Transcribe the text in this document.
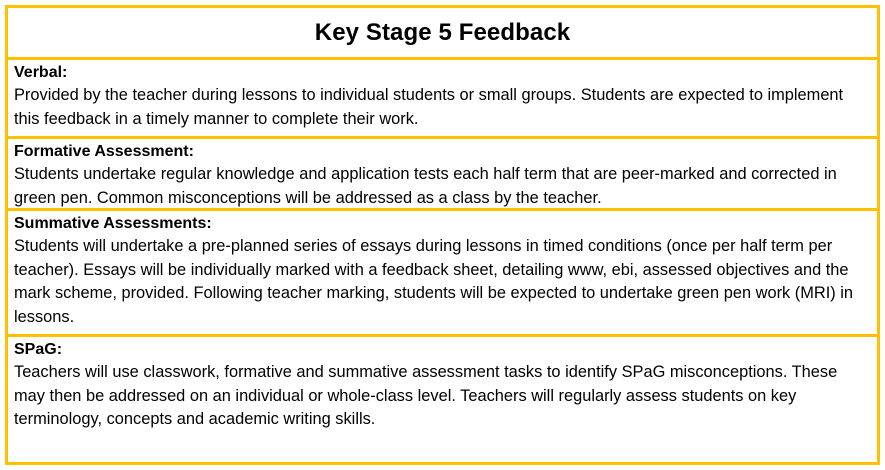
Key Stage 5 Feedback
Verbal:
Provided by the teacher during lessons to individual students or small groups. Students are expected to implement this feedback in a timely manner to complete their work.
Formative Assessment:
Students undertake regular knowledge and application tests each half term that are peer-marked and corrected in green pen. Common misconceptions will be addressed as a class by the teacher.
Summative Assessments:
Students will undertake a pre-planned series of essays during lessons in timed conditions (once per half term per teacher). Essays will be individually marked with a feedback sheet, detailing www, ebi, assessed objectives and the mark scheme, provided. Following teacher marking, students will be expected to undertake green pen work (MRI) in lessons.
SPaG:
Teachers will use classwork, formative and summative assessment tasks to identify SPaG misconceptions. These may then be addressed on an individual or whole-class level. Teachers will regularly assess students on key terminology, concepts and academic writing skills.
